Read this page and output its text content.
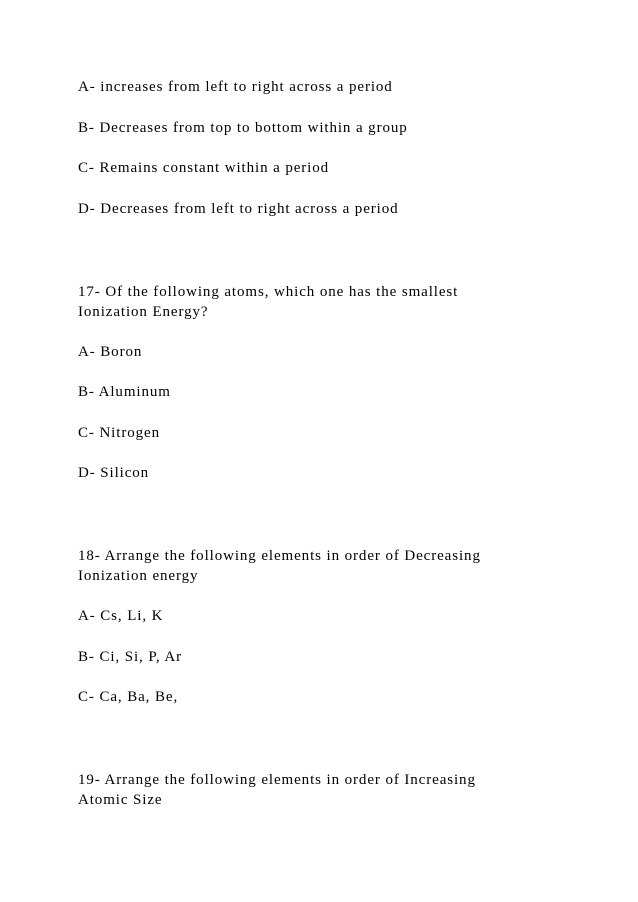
A- increases from left to right across a period
B- Decreases from top to bottom within a group
C- Remains constant within a period
D- Decreases from left to right across a period
17- Of the following atoms, which one has the smallest
Ionization Energy?
A- Boron
B- Aluminum
C- Nitrogen
D- Silicon
18- Arrange the following elements in order of Decreasing
Ionization energy
A- Cs, Li, K
B- Ci, Si, P, Ar
C- Ca, Ba, Be,
19- Arrange the following elements in order of Increasing
Atomic Size
